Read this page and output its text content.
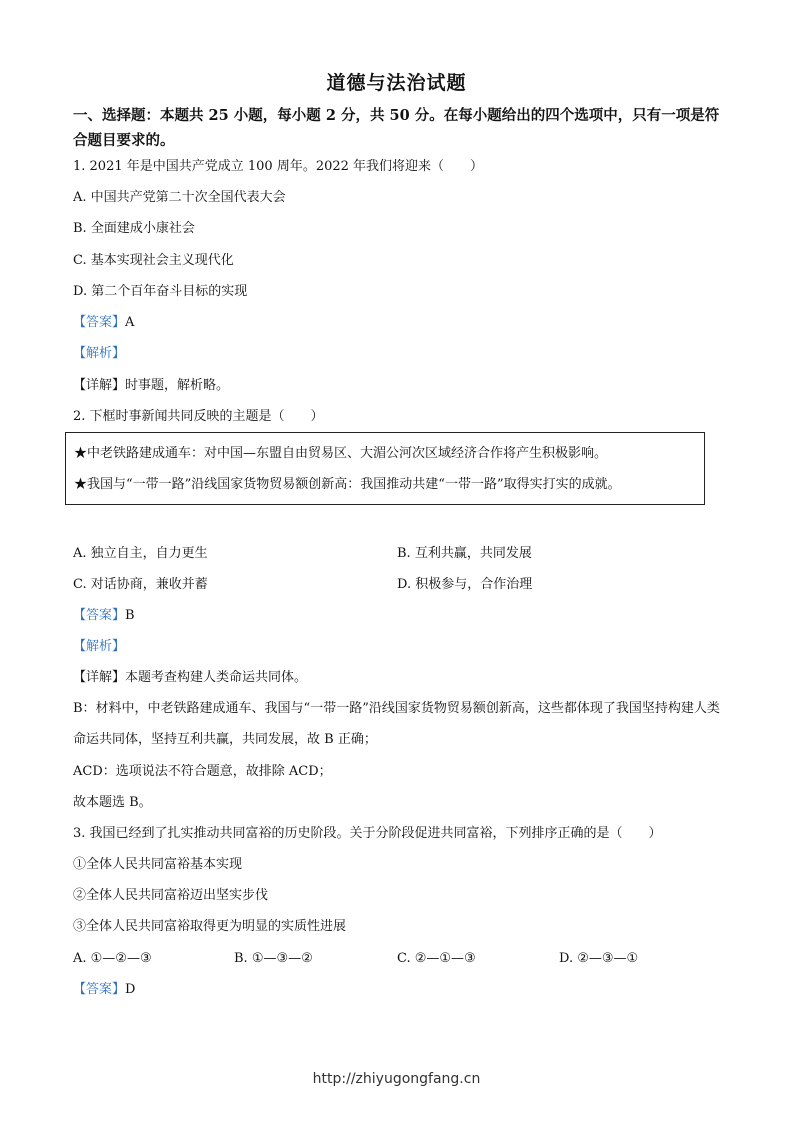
道德与法治试题
一、选择题：本题共 25 小题，每小题 2 分，共 50 分。在每小题给出的四个选项中，只有一项是符合题目要求的。
1. 2021 年是中国共产党成立 100 周年。2022 年我们将迎来（　　）
A. 中国共产党第二十次全国代表大会
B. 全面建成小康社会
C. 基本实现社会主义现代化
D. 第二个百年奋斗目标的实现
【答案】A
【解析】
【详解】时事题，解析略。
2. 下框时事新闻共同反映的主题是（　　）
★中老铁路建成通车：对中国—东盟自由贸易区、大湄公河次区域经济合作将产生积极影响。
★我国与“一带一路”沿线国家货物贸易额创新高：我国推动共建“一带一路”取得实打实的成就。
A. 独立自主，自力更生	B. 互利共赢，共同发展
C. 对话协商，兼收并蓄	D. 积极参与，合作治理
【答案】B
【解析】
【详解】本题考查构建人类命运共同体。
B：材料中，中老铁路建成通车、我国与“一带一路”沿线国家货物贸易额创新高，这些都体现了我国坚持构建人类命运共同体，坚持互利共赢，共同发展，故 B 正确；
ACD：选项说法不符合题意，故排除 ACD；
故本题选 B。
3. 我国已经到了扎实推动共同富裕的历史阶段。关于分阶段促进共同富裕，下列排序正确的是（　　）
①全体人民共同富裕基本实现
②全体人民共同富裕迈出坚实步伐
③全体人民共同富裕取得更为明显的实质性进展
A. ①—②—③	B. ①—③—②	C. ②—①—③	D. ②—③—①
【答案】D
http://zhiyugongfang.cn
